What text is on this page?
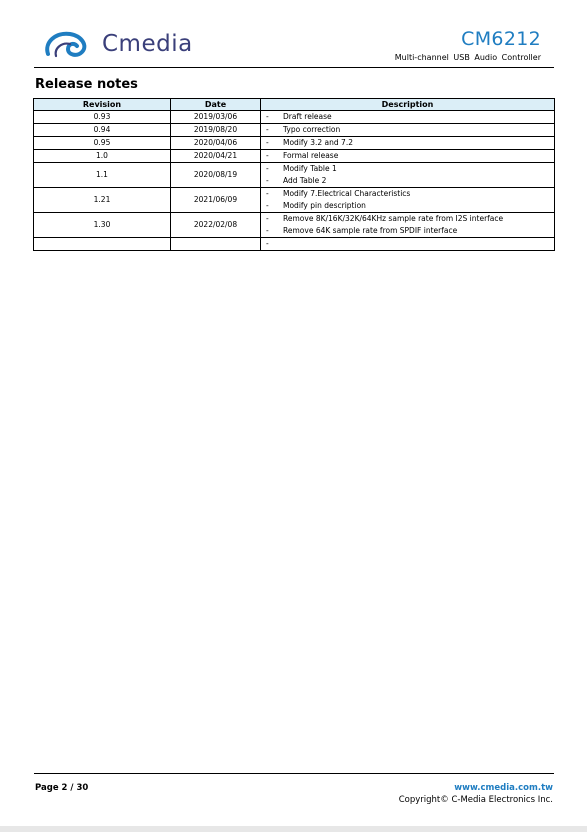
Cmedia	CM6212
Multi-channel USB Audio Controller
Release notes
Revision	Date	Description
0.93	2019/03/06	- Draft release

0.94	2019/08/20	- Typo correction

0.95	2020/04/06	- Modify 3.2 and 7.2

1.0	2020/04/21	- Formal release

1.1	2020/08/19	- Modify Table 1
- Add Table 2

1.21	2021/06/09	- Modify 7.Electrical Characteristics
- Modify pin description

1.30	2022/02/08	- Remove 8K/16K/32K/64KHz sample rate from I2S interface
- Remove 64K sample rate from SPDIF interface

		-
Page 2 / 30	www.cmedia.com.tw
Copyright© C-Media Electronics Inc.
